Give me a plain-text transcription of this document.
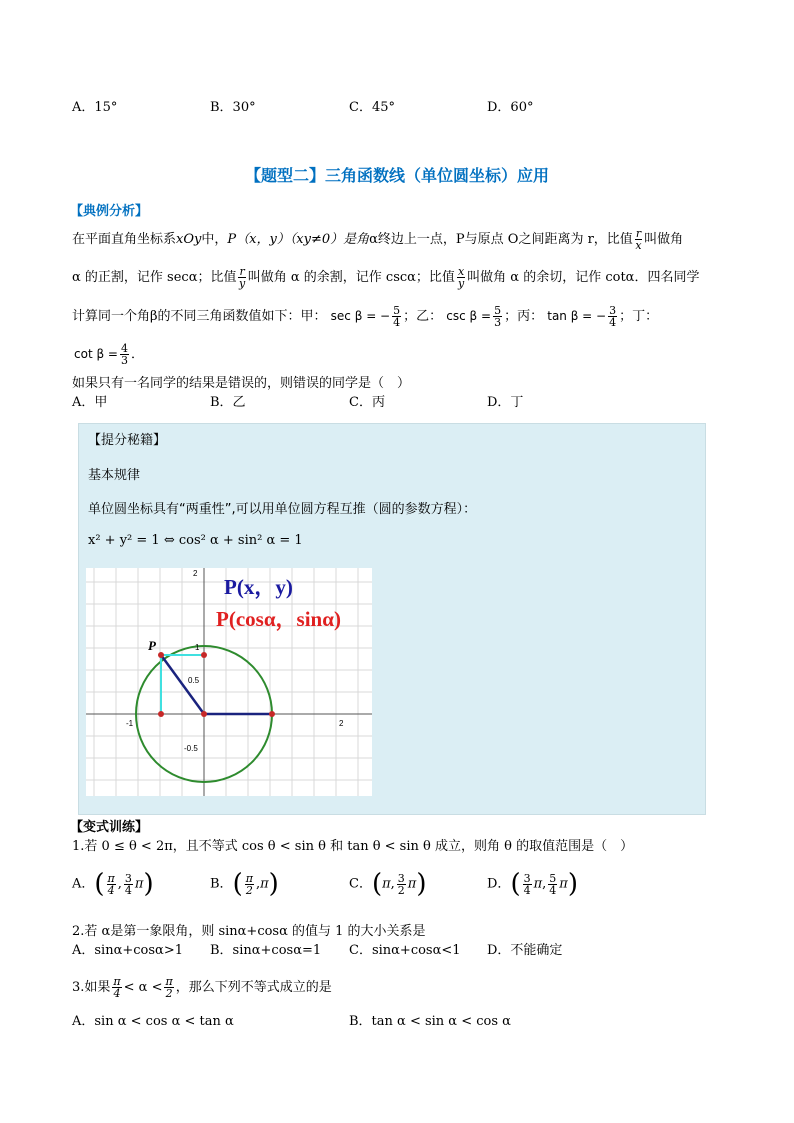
A．15°	B．30°	C．45°	D．60°
【题型二】三角函数线（单位圆坐标）应用
【典例分析】
在平面直角坐标系xOy中，P（x，y）（xy≠0）是角α终边上一点，P与原点 O之间距离为 r，比值 $\frac{r}{x}$ 叫做角
α 的正割，记作 secα；比值 $\frac{r}{y}$ 叫做角 α 的余割，记作 cscα；比值 $\frac{x}{y}$ 叫做角 α 的余切，记作 cotα．四名同学
计算同一个角β的不同三角函数值如下：甲： sec β = − $\frac{5}{4}$ ；乙： $\csc \beta = \frac{5}{3}$ ；丙： tan β = − $\frac{3}{4}$ ；丁：
$\cot \beta = \frac{4}{3}$ ．
如果只有一名同学的结果是错误的，则错误的同学是（　）
A．甲	B．乙	C．丙	D．丁
【提分秘籍】
基本规律
单位圆坐标具有“两重性”,可以用单位圆方程互推（圆的参数方程）：
x² + y² = 1 ⇔ cos² α + sin² α = 1
P
2
1
0.5
-0.5
2
-1
P(x，y)
P(cosα，sinα)
【变式训练】
1.若 0 ≤ θ < 2π，且不等式 cos θ < sin θ 和 tan θ < sin θ 成立，则角 θ 的取值范围是（　）
A．( $\frac{\pi}{4}$ , $\frac{3}{4} \pi$)	B．( $\frac{\pi}{2} ,\pi$)	C．(π, $\frac{3}{2} \pi$)	D．( $\frac{3}{4} \pi$, $\frac{5}{4} \pi$)
2.若 α是第一象限角，则 sinα+cosα 的值与 1 的大小关系是
A．sinα+cosα>1 B．sinα+cosα=1 C．sinα+cosα<1 D．不能确定
3.如果 $\frac{\pi}{4} < \alpha < \frac{\pi}{2}$ ，那么下列不等式成立的是
A．sin α < cos α < tan α	B．tan α < sin α < cos α
